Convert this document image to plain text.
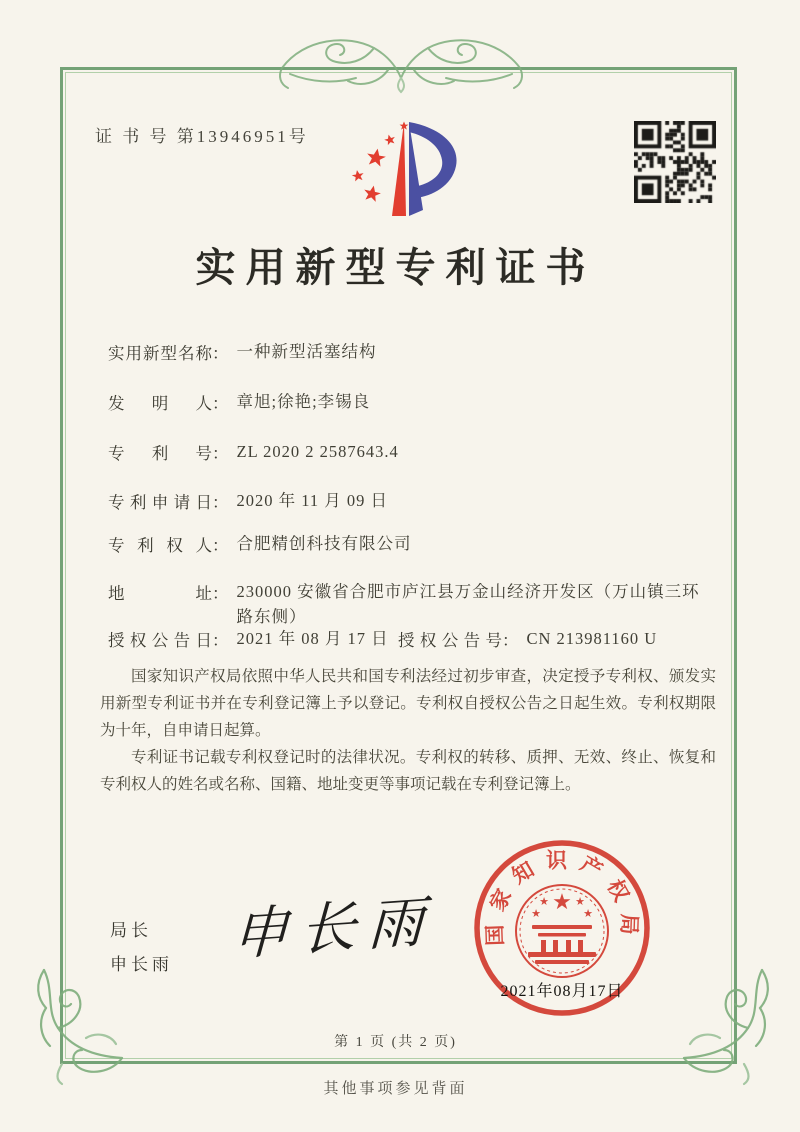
证 书 号 第13946951号
实用新型专利证书
实用新型名称： 一种新型活塞结构
发明人： 章旭;徐艳;李锡良
专利号： ZL 2020 2 2587643.4
专利申请日： 2020 年 11 月 09 日
专利权人： 合肥精创科技有限公司
地址： 230000 安徽省合肥市庐江县万金山经济开发区（万山镇三环路东侧）
授权公告日： 2021 年 08 月 17 日 授权公告号： CN 213981160 U

国家知识产权局依照中华人民共和国专利法经过初步审查，决定授予专利权、颁发实用新型专利证书并在专利登记簿上予以登记。专利权自授权公告之日起生效。专利权期限为十年，自申请日起算。

专利证书记载专利权登记时的法律状况。专利权的转移、质押、无效、终止、恢复和专利权人的姓名或名称、国籍、地址变更等事项记载在专利登记簿上。

局长
申长雨 申长雨	国家知识产权局
★
★ ★
★	★
2021年08月17日
第 1 页 (共 2 页)
其他事项参见背面
